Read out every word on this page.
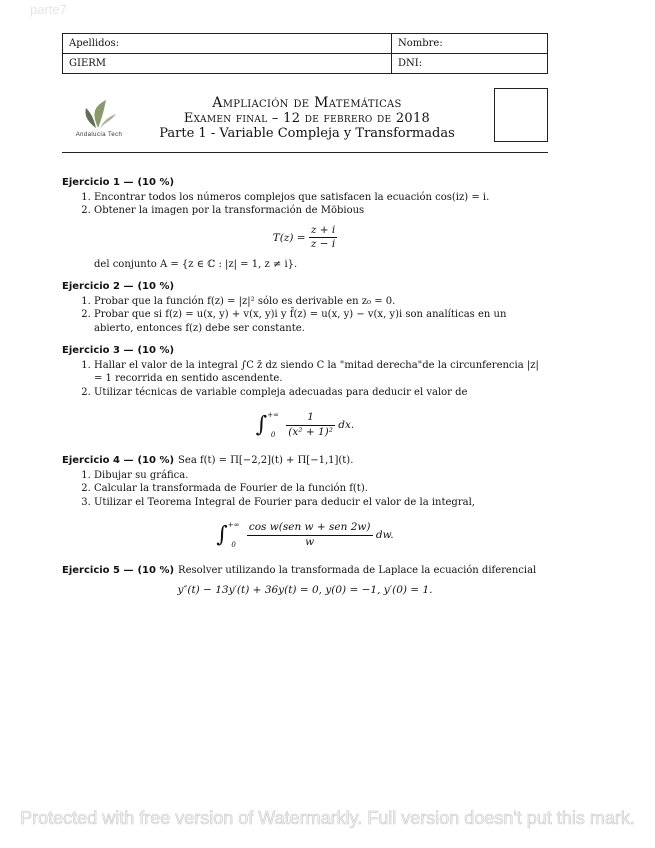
parte7
Apellidos:	Nombre:
GIERM	DNI:
Andalucía Tech
Ampliación de Matemáticas
Examen final – 12 de febrero de 2018
Parte 1 - Variable Compleja y Transformadas
Ejercicio 1 — (10 %)
1. Encontrar todos los números complejos que satisfacen la ecuación cos(iz) = i.
2. Obtener la imagen por la transformación de Möbious
$T(z) = \frac{z + i}{z - i}$
del conjunto A = {z ∈ ℂ : |z| = 1, z ≠ i}.
Ejercicio 2 — (10 %)
1. Probar que la función f(z) = |z|² sólo es derivable en z₀ = 0.
2. Probar que si f(z) = u(x, y) + v(x, y)i y f̄(z) = u(x, y) − v(x, y)i son analíticas en un abierto, entonces f(z) debe ser constante.
Ejercicio 3 — (10 %)
1. Hallar el valor de la integral ∫C z̄ dz siendo C la "mitad derecha"de la circunferencia |z| = 1 recorrida en sentido ascendente.
2. Utilizar técnicas de variable compleja adecuadas para deducir el valor de
∫+∞
$0 \frac{1}{\text{(x² + 1)²}}$ dx.
Ejercicio 4 — (10 %) Sea f(t) = Π[−2,2](t) + Π[−1,1](t).
1. Dibujar su gráfica.
2. Calcular la transformada de Fourier de la función f(t).
3. Utilizar el Teorema Integral de Fourier para deducir el valor de la integral,
∫+∞
$0 \frac{\text{cos w(sen w + sen 2w)}}{w}$ dw.
Ejercicio 5 — (10 %) Resolver utilizando la transformada de Laplace la ecuación diferencial
y″(t) − 13y′(t) + 36y(t) = 0, y(0) = −1, y′(0) = 1.
Protected with free version of Watermarkly. Full version doesn't put this mark.
